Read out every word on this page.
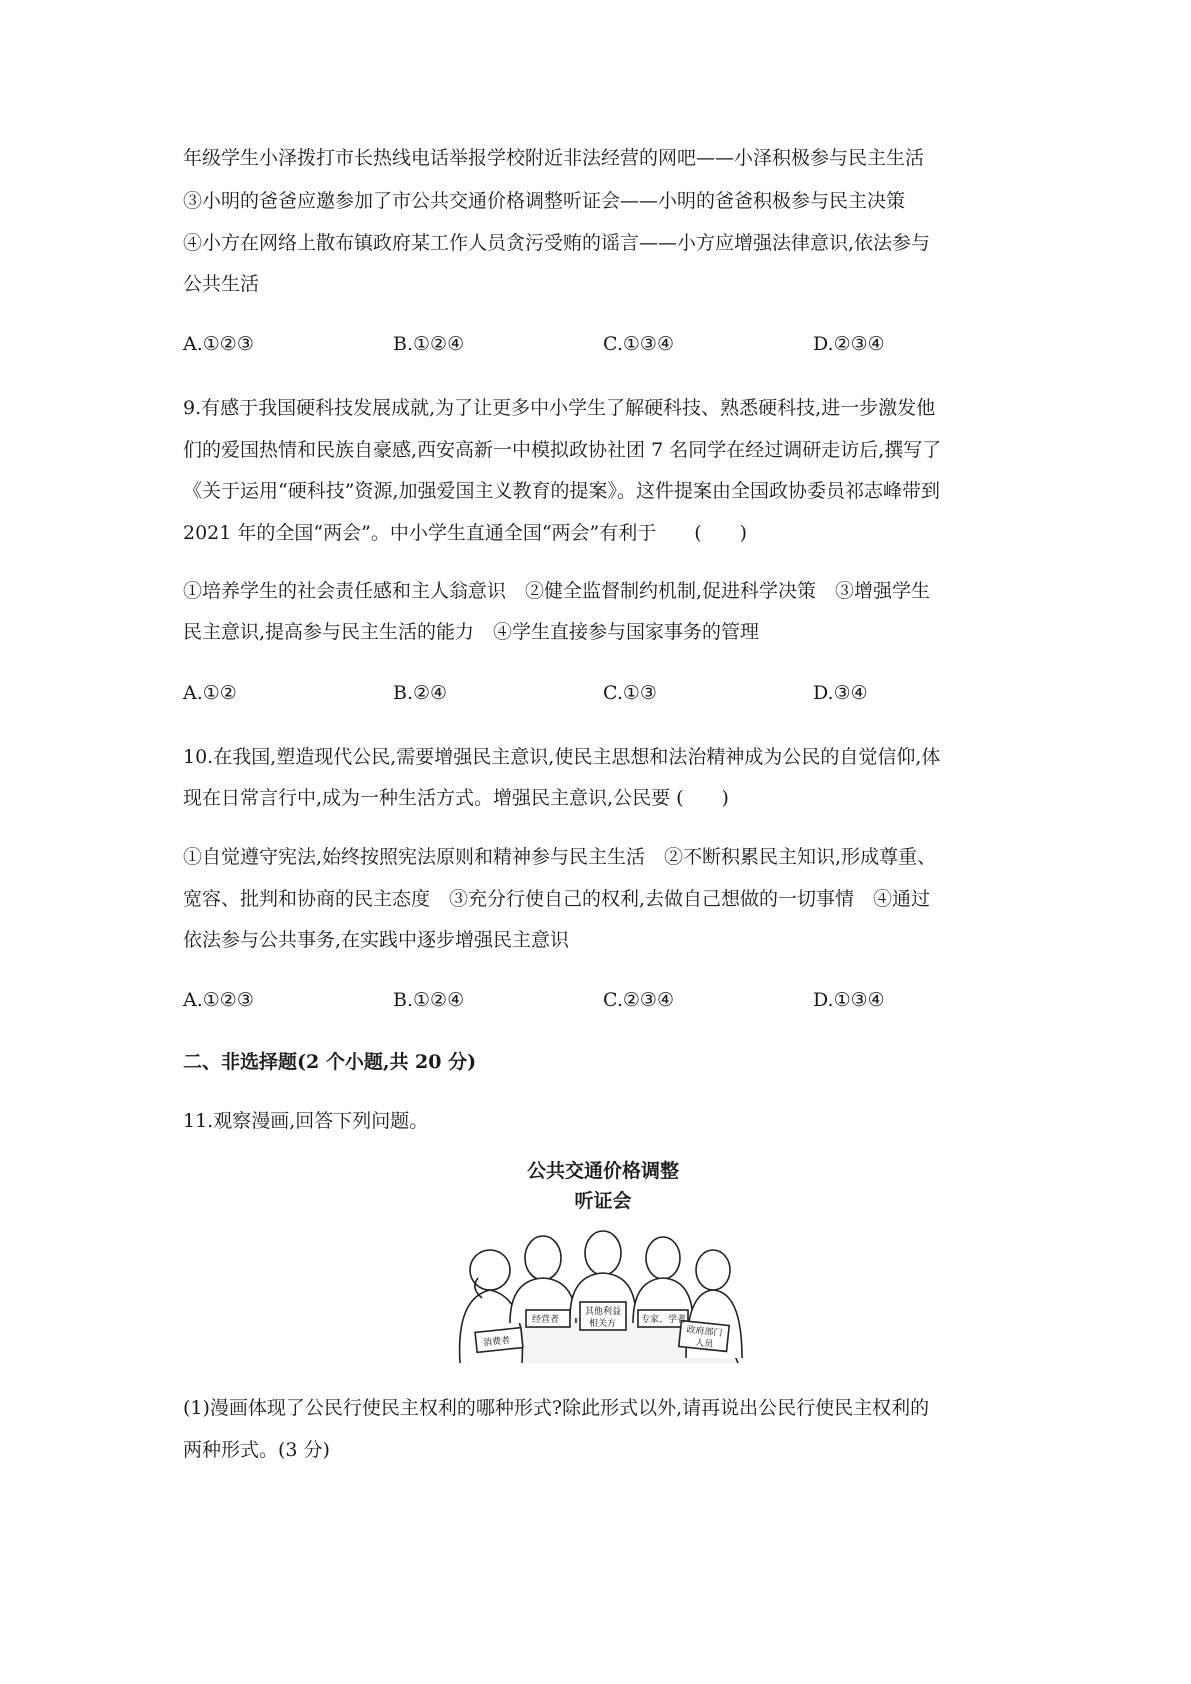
年级学生小泽拨打市长热线电话举报学校附近非法经营的网吧——小泽积极参与民主生活
③小明的爸爸应邀参加了市公共交通价格调整听证会——小明的爸爸积极参与民主决策
④小方在网络上散布镇政府某工作人员贪污受贿的谣言——小方应增强法律意识,依法参与
公共生活
A.①②③	B.①②④	C.①③④	D.②③④
9.有感于我国硬科技发展成就,为了让更多中小学生了解硬科技、熟悉硬科技,进一步激发他
们的爱国热情和民族自豪感,西安高新一中模拟政协社团 7 名同学在经过调研走访后,撰写了
《关于运用“硬科技”资源,加强爱国主义教育的提案》。这件提案由全国政协委员祁志峰带到
2021 年的全国“两会”。中小学生直通全国“两会”有利于　　(　　)
①培养学生的社会责任感和主人翁意识　②健全监督制约机制,促进科学决策　③增强学生
民主意识,提高参与民主生活的能力　④学生直接参与国家事务的管理
A.①②	B.②④	C.①③	D.③④
10.在我国,塑造现代公民,需要增强民主意识,使民主思想和法治精神成为公民的自觉信仰,体
现在日常言行中,成为一种生活方式。增强民主意识,公民要 (　　)
①自觉遵守宪法,始终按照宪法原则和精神参与民主生活　②不断积累民主知识,形成尊重、
宽容、批判和协商的民主态度　③充分行使自己的权利,去做自己想做的一切事情　④通过
依法参与公共事务,在实践中逐步增强民主意识
A.①②③	B.①②④	C.②③④	D.①③④
二、非选择题(2 个小题,共 20 分)
11.观察漫画,回答下列问题。
公共交通价格调整
听证会
消费者
经营者
其他利益
相关方	专家、学者
政府部门
人员
(1)漫画体现了公民行使民主权利的哪种形式?除此形式以外,请再说出公民行使民主权利的
两种形式。(3 分)
